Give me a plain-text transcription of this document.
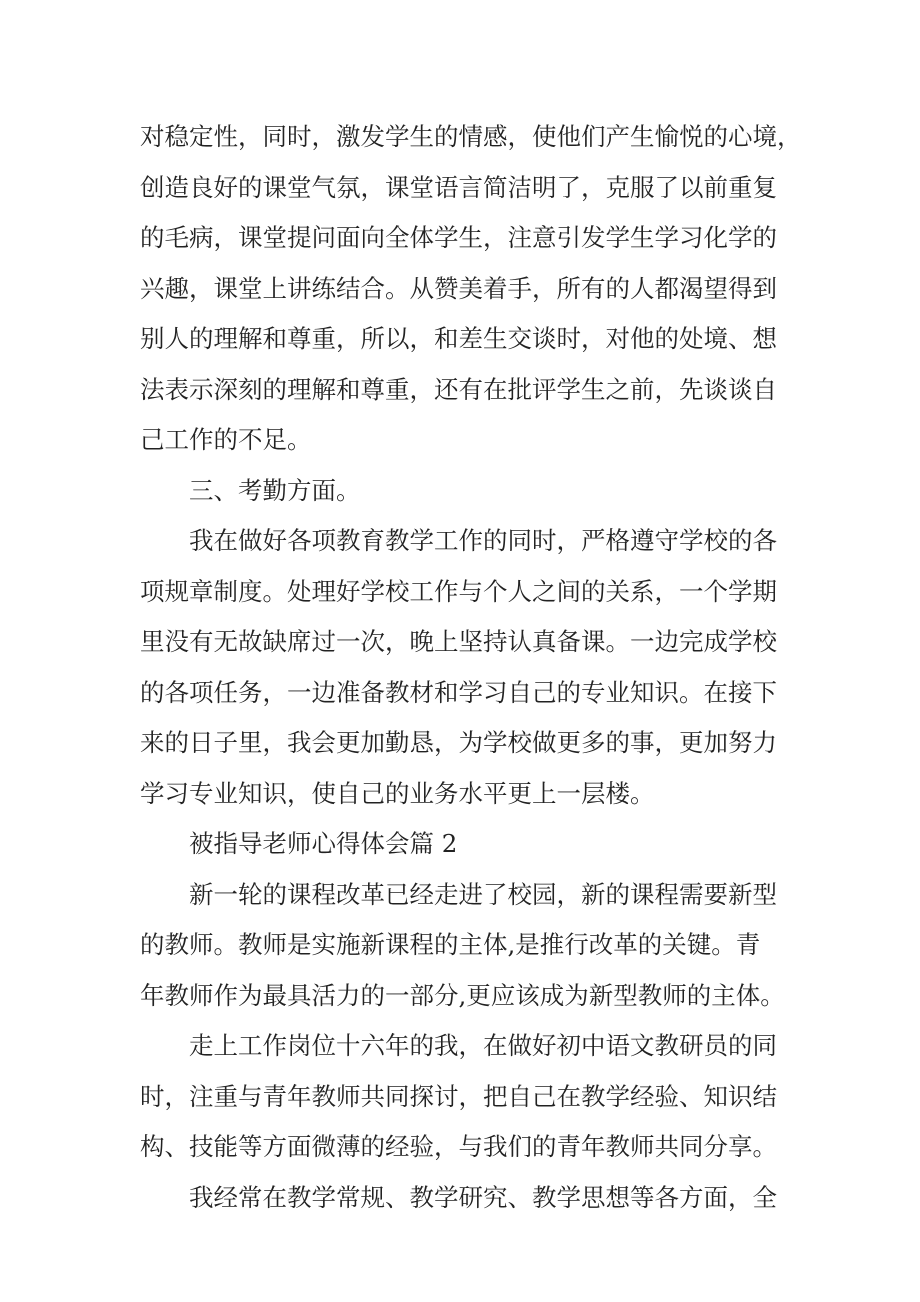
对稳定性，同时，激发学生的情感，使他们产生愉悦的心境，
创造良好的课堂气氛，课堂语言简洁明了，克服了以前重复
的毛病，课堂提问面向全体学生，注意引发学生学习化学的
兴趣，课堂上讲练结合。从赞美着手，所有的人都渴望得到
别人的理解和尊重，所以，和差生交谈时，对他的处境、想
法表示深刻的理解和尊重，还有在批评学生之前，先谈谈自
己工作的不足。
三、考勤方面。
我在做好各项教育教学工作的同时，严格遵守学校的各
项规章制度。处理好学校工作与个人之间的关系，一个学期
里没有无故缺席过一次，晚上坚持认真备课。一边完成学校
的各项任务，一边准备教材和学习自己的专业知识。在接下
来的日子里，我会更加勤恳，为学校做更多的事，更加努力
学习专业知识，使自己的业务水平更上一层楼。
被指导老师心得体会篇 2
新一轮的课程改革已经走进了校园，新的课程需要新型
的教师。教师是实施新课程的主体,是推行改革的关键。青
年教师作为最具活力的一部分,更应该成为新型教师的主体。
走上工作岗位十六年的我，在做好初中语文教研员的同
时，注重与青年教师共同探讨，把自己在教学经验、知识结
构、技能等方面微薄的经验，与我们的青年教师共同分享。
我经常在教学常规、教学研究、教学思想等各方面，全
